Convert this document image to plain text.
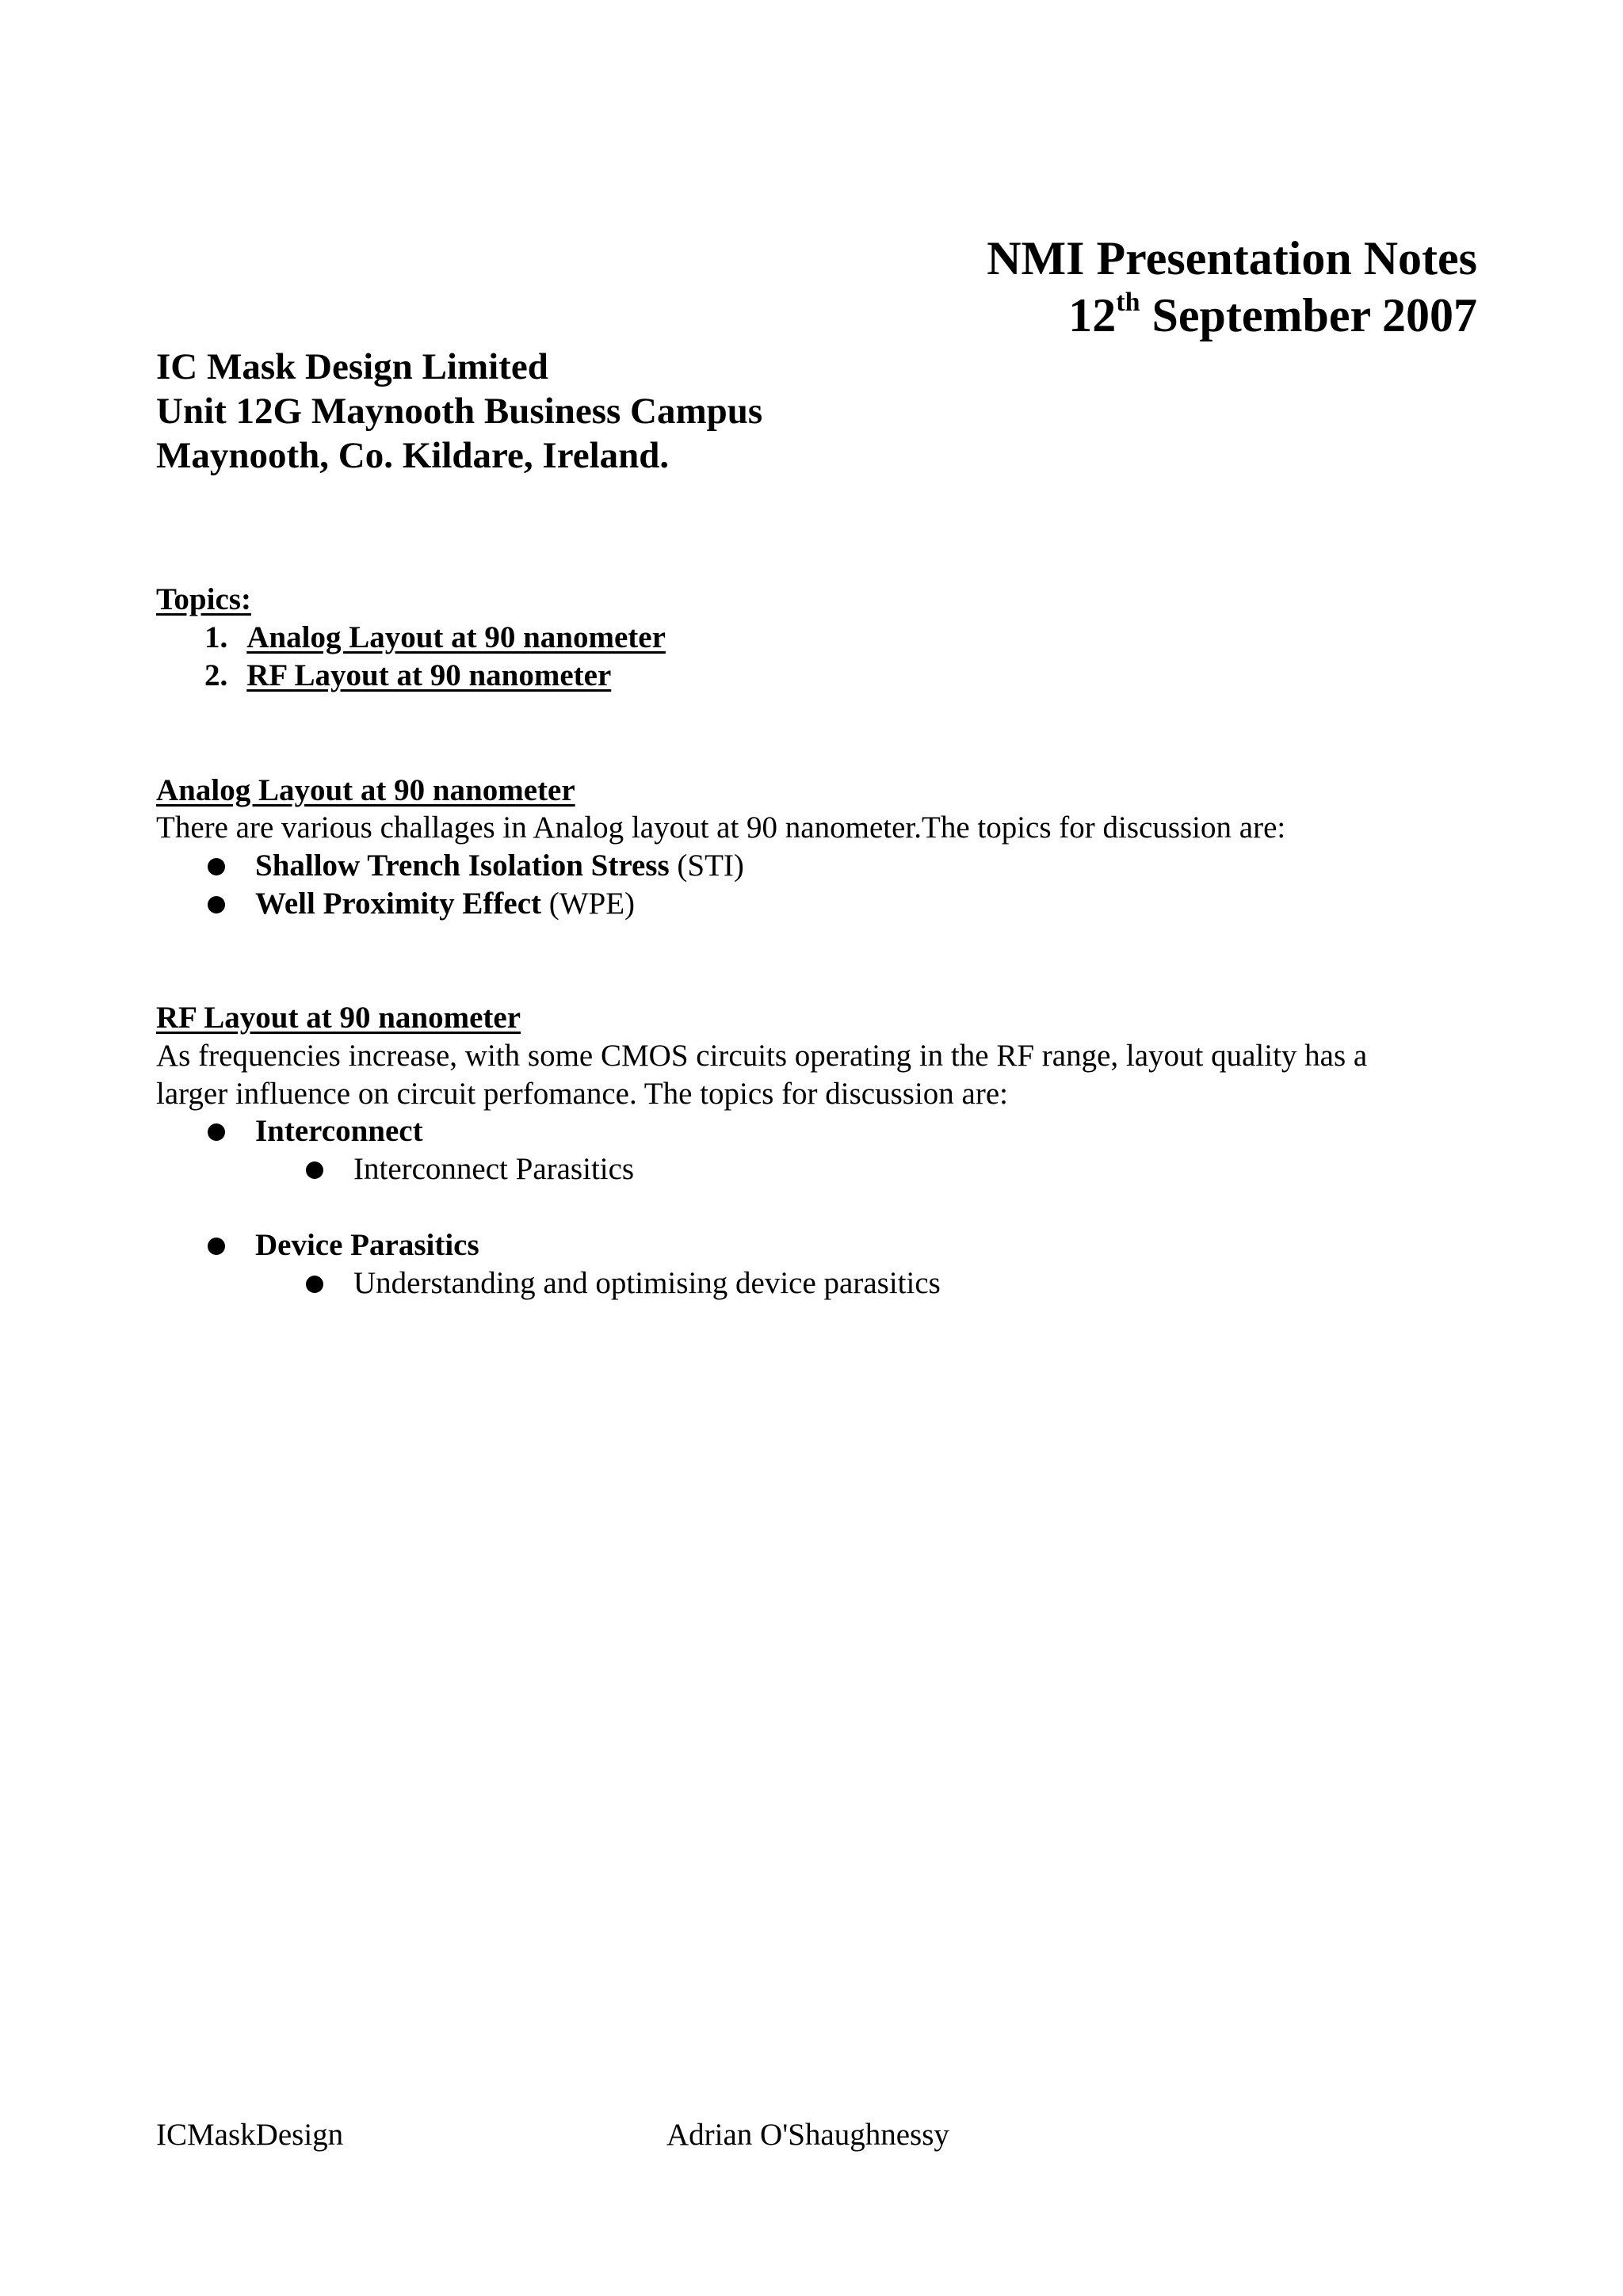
NMI Presentation Notes
12th September 2007
IC Mask Design Limited
Unit 12G Maynooth Business Campus
Maynooth, Co. Kildare, Ireland.
Topics:
1. Analog Layout at 90 nanometer
2. RF Layout at 90 nanometer
Analog Layout at 90 nanometer
There are various challages in Analog layout at 90 nanometer.The topics for discussion are:
Shallow Trench Isolation Stress (STI)
Well Proximity Effect (WPE)
RF Layout at 90 nanometer
As frequencies increase, with some CMOS circuits operating in the RF range, layout quality has a
larger influence on circuit perfomance. The topics for discussion are:
Interconnect
Interconnect Parasitics
Device Parasitics
Understanding and optimising device parasitics
ICMaskDesign	Adrian O'Shaughnessy
